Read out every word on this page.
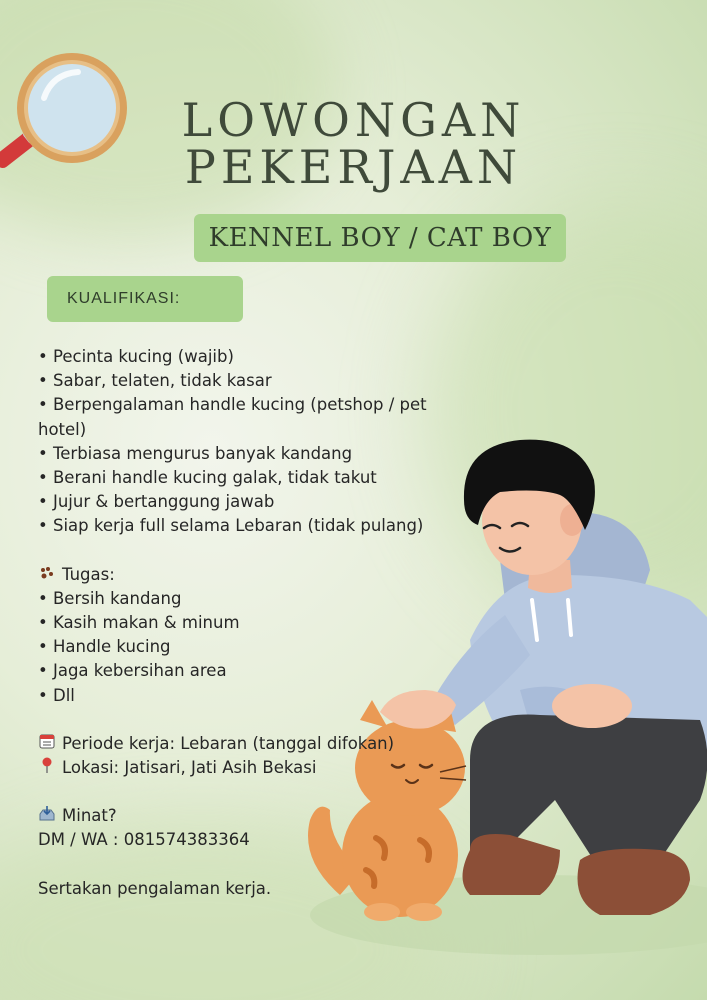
LOWONGAN
PEKERJAAN
KENNEL BOY / CAT BOY
KUALIFIKASI:
• Pecinta kucing (wajib)
• Sabar, telaten, tidak kasar
• Berpengalaman handle kucing (petshop / pet hotel)
• Terbiasa mengurus banyak kandang
• Berani handle kucing galak, tidak takut
• Jujur & bertanggung jawab
• Siap kerja full selama Lebaran (tidak pulang)
Tugas:
• Bersih kandang
• Kasih makan & minum
• Handle kucing
• Jaga kebersihan area
• Dll
Periode kerja: Lebaran (tanggal difokan)
Lokasi: Jatisari, Jati Asih Bekasi
Minat?
DM / WA : 081574383364
Sertakan pengalaman kerja.
